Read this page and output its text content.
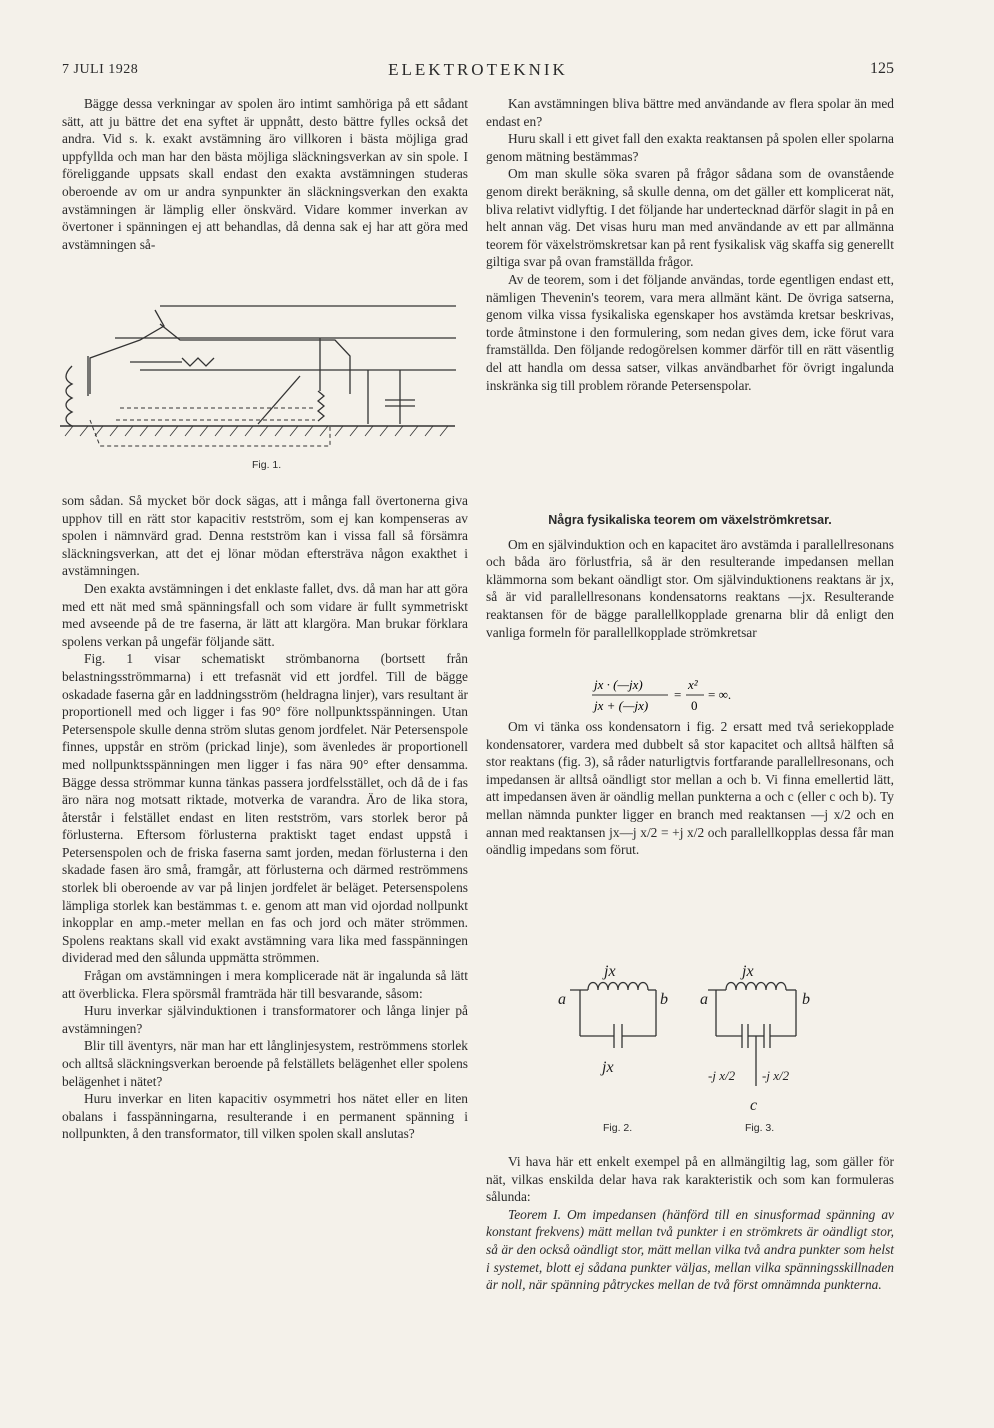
7 JULI 1928	ELEKTROTEKNIK	125

Bägge dessa verkningar av spolen äro intimt samhöriga på ett sådant sätt, att ju bättre det ena syftet är uppnått, desto bättre fylles också det andra. Vid s. k. exakt avstämning äro villkoren i bästa möjliga grad uppfyllda och man har den bästa möjliga släckningsverkan av sin spole. I föreliggande uppsats skall endast den exakta avstämningen studeras oberoende av om ur andra synpunkter än släckningsverkan den exakta avstämningen är lämplig eller önskvärd. Vidare kommer inverkan av övertoner i spänningen ej att behandlas, då denna sak ej har att göra med avstämningen så-

Fig. 1.

som sådan. Så mycket bör dock sägas, att i många fall övertonerna giva upphov till en rätt stor kapacitiv restström, som ej kan kompenseras av spolen i nämnvärd grad. Denna restström kan i vissa fall så försämra släckningsverkan, att det ej lönar mödan eftersträva någon exakthet i avstämningen.

Den exakta avstämningen i det enklaste fallet, dvs. då man har att göra med ett nät med små spänningsfall och som vidare är fullt symmetriskt med avseende på de tre faserna, är lätt att klargöra. Man brukar förklara spolens verkan på ungefär följande sätt.

Fig. 1 visar schematiskt strömbanorna (bortsett från belastningsströmmarna) i ett trefasnät vid ett jordfel. Till de bägge oskadade faserna går en laddningsström (heldragna linjer), vars resultant är proportionell med och ligger i fas 90° före nollpunktsspänningen. Utan Petersenspole skulle denna ström slutas genom jordfelet. När Petersenspole finnes, uppstår en ström (prickad linje), som ävenledes är proportionell med nollpunktsspänningen men ligger i fas nära 90° efter densamma. Bägge dessa strömmar kunna tänkas passera jordfelsstället, och då de i fas äro nära nog motsatt riktade, motverka de varandra. Äro de lika stora, återstår i felstället endast en liten restström, vars storlek beror på förlusterna. Eftersom förlusterna praktiskt taget endast uppstå i Petersenspolen och de friska faserna samt jorden, medan förlusterna i den skadade fasen äro små, framgår, att förlusterna och därmed reströmmens storlek bli oberoende av var på linjen jordfelet är beläget. Petersenspolens lämpliga storlek kan bestämmas t. e. genom att man vid ojordad nollpunkt inkopplar en amp.-meter mellan en fas och jord och mäter strömmen. Spolens reaktans skall vid exakt avstämning vara lika med fasspänningen dividerad med den sålunda uppmätta strömmen.

Frågan om avstämningen i mera komplicerade nät är ingalunda så lätt att överblicka. Flera spörsmål framträda här till besvarande, såsom:

Huru inverkar självinduktionen i transformatorer och långa linjer på avstämningen?

Blir till äventyrs, när man har ett långlinjesystem, reströmmens storlek och alltså släckningsverkan beroende på felställets belägenhet eller spolens belägenhet i nätet?

Huru inverkar en liten kapacitiv osymmetri hos nätet eller en liten obalans i fasspänningarna, resulterande i en permanent spänning i nollpunkten, å den transformator, till vilken spolen skall anslutas?

Kan avstämningen bliva bättre med användande av flera spolar än med endast en?

Huru skall i ett givet fall den exakta reaktansen på spolen eller spolarna genom mätning bestämmas?

Om man skulle söka svaren på frågor sådana som de ovanstående genom direkt beräkning, så skulle denna, om det gäller ett komplicerat nät, bliva relativt vidlyftig. I det följande har undertecknad därför slagit in på en helt annan väg. Det visas huru man med användande av ett par allmänna teorem för växelströmskretsar kan på rent fysikalisk väg skaffa sig generellt giltiga svar på ovan framställda frågor.

Av de teorem, som i det följande användas, torde egentligen endast ett, nämligen Thevenin's teorem, vara mera allmänt känt. De övriga satserna, genom vilka vissa fysikaliska egenskaper hos avstämda kretsar beskrivas, torde åtminstone i den formulering, som nedan gives dem, icke förut vara framställda. Den följande redogörelsen kommer därför till en rätt väsentlig del att handla om dessa satser, vilkas användbarhet för övrigt ingalunda inskränka sig till problem rörande Petersenspolar.

Några fysikaliska teorem om växelströmkretsar.

Om en självinduktion och en kapacitet äro avstämda i parallellresonans och båda äro förlustfria, så är den resulterande impedansen mellan klämmorna som bekant oändligt stor. Om självinduktionens reaktans är jx, så är vid parallellresonans kondensatorns reaktans —jx. Resulterande reaktansen för de bägge parallellkopplade grenarna blir då enligt den vanliga formeln för parallellkopplade strömkretsar

jx · (—jx)
jx + (—jx)
=
x²
0
= ∞.

Om vi tänka oss kondensatorn i fig. 2 ersatt med två seriekopplade kondensatorer, vardera med dubbelt så stor kapacitet och alltså hälften så stor reaktans (fig. 3), så råder naturligtvis fortfarande parallellresonans, och impedansen är alltså oändligt stor mellan a och b. Vi finna emellertid lätt, att impedansen även är oändlig mellan punkterna a och c (eller c och b). Ty mellan nämnda punkter ligger en branch med reaktansen —j x/2 och en annan med reaktansen jx—j x/2 = +j x/2 och parallellkopplas dessa får man oändlig impedans som förut.

jx
jx
a	b
jx
a	b
c
-j x/2 -j x/2
Fig. 2.	Fig. 3.

Vi hava här ett enkelt exempel på en allmängiltig lag, som gäller för nät, vilkas enskilda delar hava rak karakteristik och som kan formuleras sålunda:

Teorem I. Om impedansen (hänförd till en sinusformad spänning av konstant frekvens) mätt mellan två punkter i en strömkrets är oändligt stor, så är den också oändligt stor, mätt mellan vilka två andra punkter som helst i systemet, blott ej sådana punkter väljas, mellan vilka spänningsskillnaden är noll, när spänning påtryckes mellan de två först omnämnda punkterna.
